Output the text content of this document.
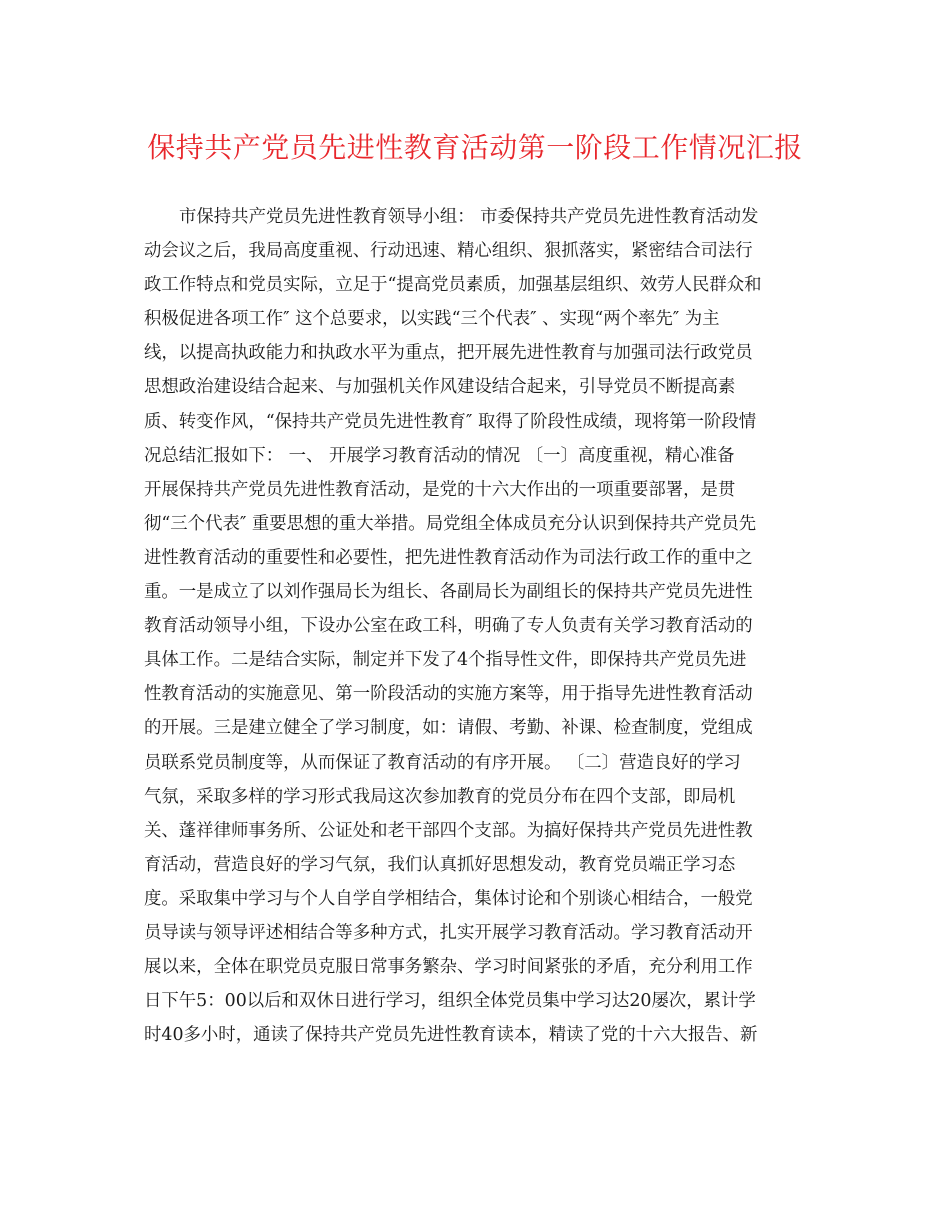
保持共产党员先进性教育活动第一阶段工作情况汇报
市保持共产党员先进性教育领导小组： 市委保持共产党员先进性教育活动发
动会议之后，我局高度重视、行动迅速、精心组织、狠抓落实，紧密结合司法行
政工作特点和党员实际，立足于“提高党员素质，加强基层组织、效劳人民群众和
积极促进各项工作″ 这个总要求，以实践“三个代表″ 、实现“两个率先″ 为主
线，以提高执政能力和执政水平为重点，把开展先进性教育与加强司法行政党员
思想政治建设结合起来、与加强机关作风建设结合起来，引导党员不断提高素
质、转变作风，“保持共产党员先进性教育″ 取得了阶段性成绩，现将第一阶段情
况总结汇报如下： 一、 开展学习教育活动的情况 〔一〕高度重视，精心准备
开展保持共产党员先进性教育活动，是党的十六大作出的一项重要部署，是贯
彻“三个代表″ 重要思想的重大举措。局党组全体成员充分认识到保持共产党员先
进性教育活动的重要性和必要性，把先进性教育活动作为司法行政工作的重中之
重。一是成立了以刘作强局长为组长、各副局长为副组长的保持共产党员先进性
教育活动领导小组，下设办公室在政工科，明确了专人负责有关学习教育活动的
具体工作。二是结合实际，制定并下发了4个指导性文件，即保持共产党员先进
性教育活动的实施意见、第一阶段活动的实施方案等，用于指导先进性教育活动
的开展。三是建立健全了学习制度，如：请假、考勤、补课、检查制度，党组成
员联系党员制度等，从而保证了教育活动的有序开展。 〔二〕营造良好的学习
气氛，采取多样的学习形式我局这次参加教育的党员分布在四个支部，即局机
关、蓬祥律师事务所、公证处和老干部四个支部。为搞好保持共产党员先进性教
育活动，营造良好的学习气氛，我们认真抓好思想发动，教育党员端正学习态
度。采取集中学习与个人自学自学相结合，集体讨论和个别谈心相结合，一般党
员导读与领导评述相结合等多种方式，扎实开展学习教育活动。学习教育活动开
展以来，全体在职党员克服日常事务繁杂、学习时间紧张的矛盾，充分利用工作
日下午5：00以后和双休日进行学习，组织全体党员集中学习达20屡次，累计学
时40多小时，通读了保持共产党员先进性教育读本，精读了党的十六大报告、新
